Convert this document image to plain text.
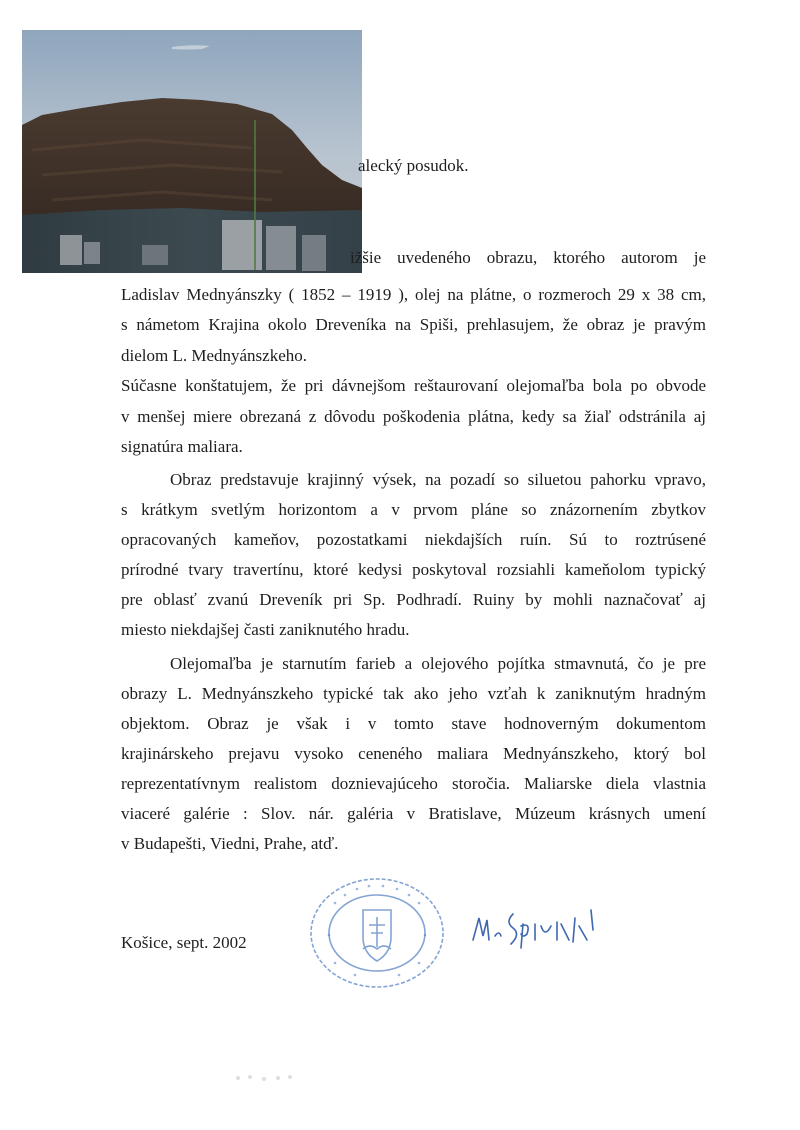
alecký posudok.
ižšie uvedeného obrazu, ktorého autorom je
Ladislav Mednyánszky ( 1852 – 1919 ), olej na plátne, o rozmeroch 29 x 38 cm,
s námetom Krajina okolo Dreveníka na Spiši, prehlasujem, že obraz je pravým
dielom L. Mednyánszkeho.
Súčasne konštatujem, že pri dávnejšom reštaurovaní olejomaľba bola po obvode
v menšej miere obrezaná z dôvodu poškodenia plátna, kedy sa žiaľ odstránila aj
signatúra maliara.
Obraz predstavuje krajinný výsek, na pozadí so siluetou pahorku vpravo,
s krátkym svetlým horizontom a v prvom pláne so znázornením zbytkov
opracovaných kameňov, pozostatkami niekdajších ruín. Sú to roztrúsené
prírodné tvary travertínu, ktoré kedysi poskytoval rozsiahli kameňolom typický
pre oblasť zvanú Dreveník pri Sp. Podhradí. Ruiny by mohli naznačovať aj
miesto niekdajšej časti zaniknutého hradu.
Olejomaľba je starnutím farieb a olejového pojítka stmavnutá, čo je pre
obrazy L. Mednyánszkeho typické tak ako jeho vzťah k zaniknutým hradným
objektom. Obraz je však i v tomto stave hodnoverným dokumentom
krajinárskeho prejavu vysoko ceneného maliara Mednyánszkeho, ktorý bol
reprezentatívnym realistom doznievajúceho storočia. Maliarske diela vlastnia
viaceré galérie : Slov. nár. galéria v Bratislave, Múzeum krásnych umení
v Budapešti, Viedni, Prahe, atď.
Košice, sept. 2002
